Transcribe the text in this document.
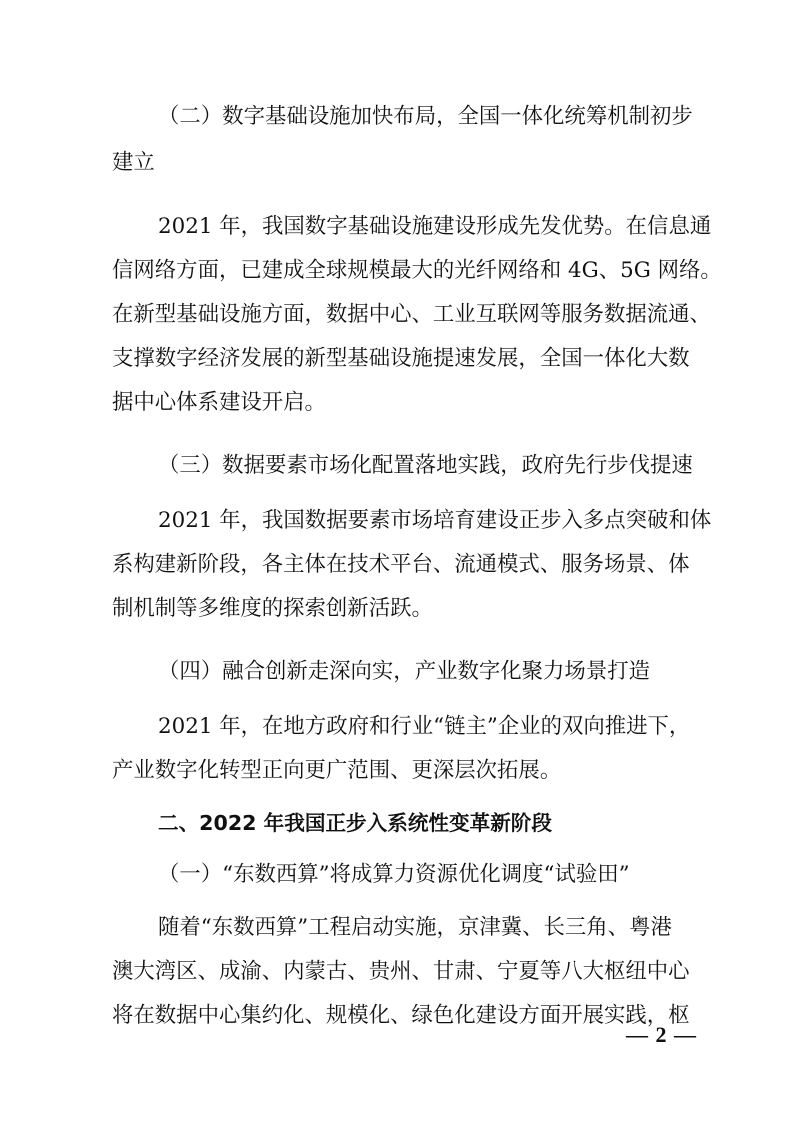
（二）数字基础设施加快布局，全国一体化统筹机制初步
建立
2021 年，我国数字基础设施建设形成先发优势。在信息通
信网络方面，已建成全球规模最大的光纤网络和 4G、5G 网络。
在新型基础设施方面，数据中心、工业互联网等服务数据流通、
支撑数字经济发展的新型基础设施提速发展，全国一体化大数
据中心体系建设开启。
（三）数据要素市场化配置落地实践，政府先行步伐提速
2021 年，我国数据要素市场培育建设正步入多点突破和体
系构建新阶段，各主体在技术平台、流通模式、服务场景、体
制机制等多维度的探索创新活跃。
（四）融合创新走深向实，产业数字化聚力场景打造
2021 年，在地方政府和行业“链主”企业的双向推进下，
产业数字化转型正向更广范围、更深层次拓展。
二、2022 年我国正步入系统性变革新阶段
（一）“东数西算”将成算力资源优化调度“试验田”
随着“东数西算”工程启动实施，京津冀、长三角、粤港
澳大湾区、成渝、内蒙古、贵州、甘肃、宁夏等八大枢纽中心
将在数据中心集约化、规模化、绿色化建设方面开展实践，枢
— 2 —
